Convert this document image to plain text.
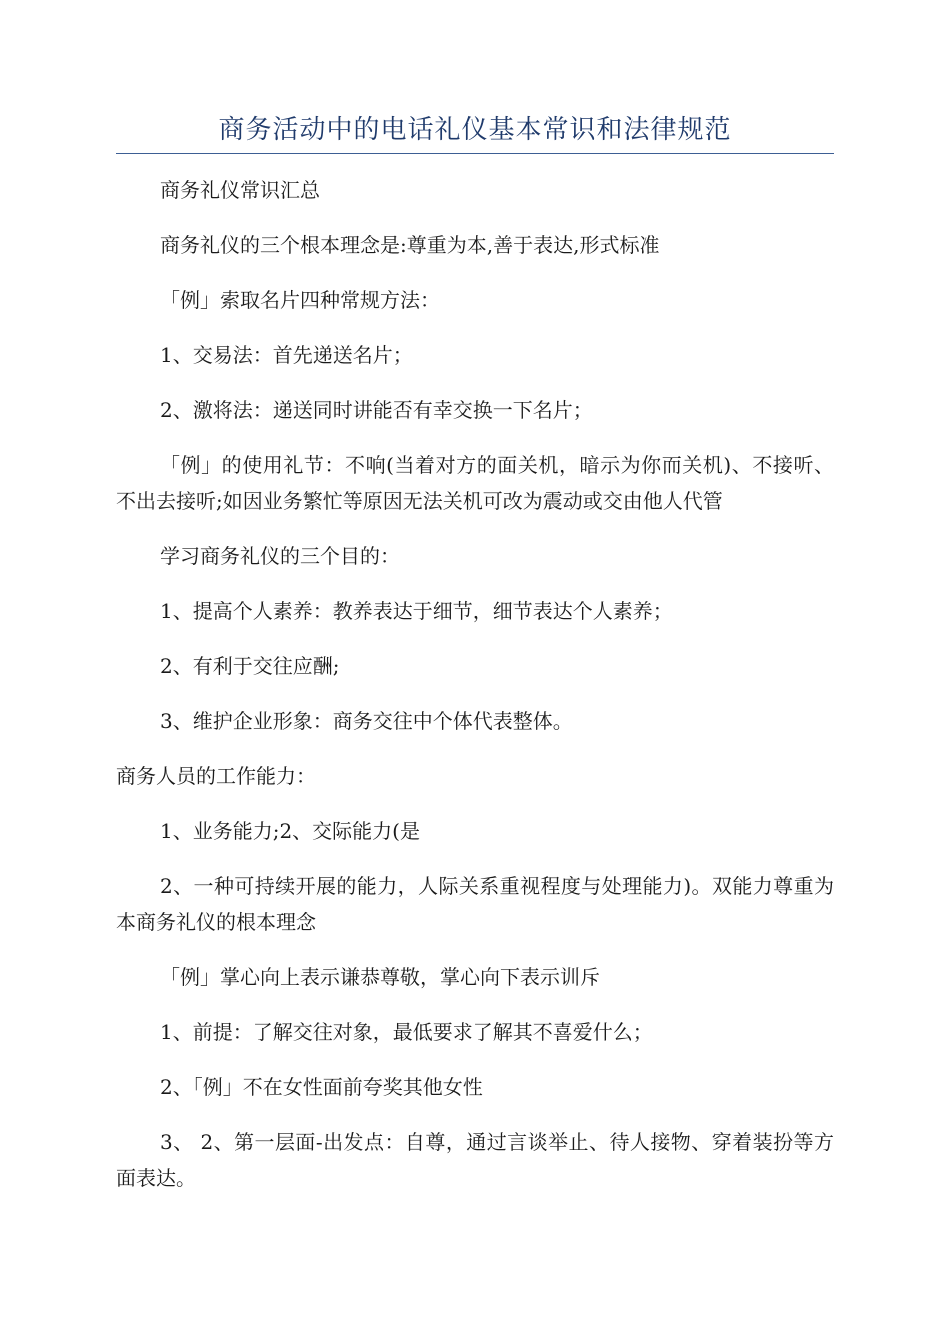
商务活动中的电话礼仪基本常识和法律规范

商务礼仪常识汇总

商务礼仪的三个根本理念是:尊重为本,善于表达,形式标准

「例」索取名片四种常规方法：

1、交易法：首先递送名片；

2、激将法：递送同时讲能否有幸交换一下名片；

「例」的使用礼节：不响(当着对方的面关机，暗示为你而关机)、不接听、不出去接听;如因业务繁忙等原因无法关机可改为震动或交由他人代管

学习商务礼仪的三个目的：

1、提高个人素养：教养表达于细节，细节表达个人素养；

2、有利于交往应酬;

3、维护企业形象：商务交往中个体代表整体。

商务人员的工作能力：

1、业务能力;2、交际能力(是

2、一种可持续开展的能力，人际关系重视程度与处理能力)。双能力尊重为本商务礼仪的根本理念

「例」掌心向上表示谦恭尊敬，掌心向下表示训斥

1、前提：了解交往对象，最低要求了解其不喜爱什么；

2、「例」不在女性面前夸奖其他女性

3、 2、第一层面-出发点：自尊，通过言谈举止、待人接物、穿着装扮等方面表达。
